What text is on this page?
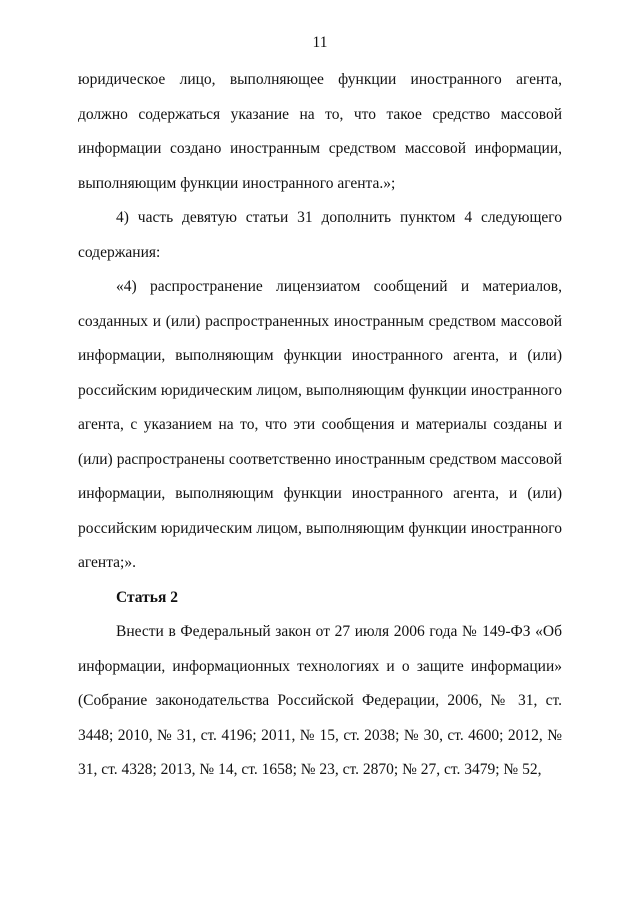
11

юридическое лицо, выполняющее функции иностранного агента, должно содержаться указание на то, что такое средство массовой информации создано иностранным средством массовой информации, выполняющим функции иностранного агента.»;

4) часть девятую статьи 31 дополнить пунктом 4 следующего содержания:

«4) распространение лицензиатом сообщений и материалов, созданных и (или) распространенных иностранным средством массовой информации, выполняющим функции иностранного агента, и (или) российским юридическим лицом, выполняющим функции иностранного агента, с указанием на то, что эти сообщения и материалы созданы и (или) распространены соответственно иностранным средством массовой информации, выполняющим функции иностранного агента, и (или) российским юридическим лицом, выполняющим функции иностранного агента;».

Статья 2

Внести в Федеральный закон от 27 июля 2006 года № 149-ФЗ «Об информации, информационных технологиях и о защите информации» (Собрание законодательства Российской Федерации, 2006, № 31, ст. 3448; 2010, № 31, ст. 4196; 2011, № 15, ст. 2038; № 30, ст. 4600; 2012, № 31, ст. 4328; 2013, № 14, ст. 1658; № 23, ст. 2870; № 27, ст. 3479; № 52,
